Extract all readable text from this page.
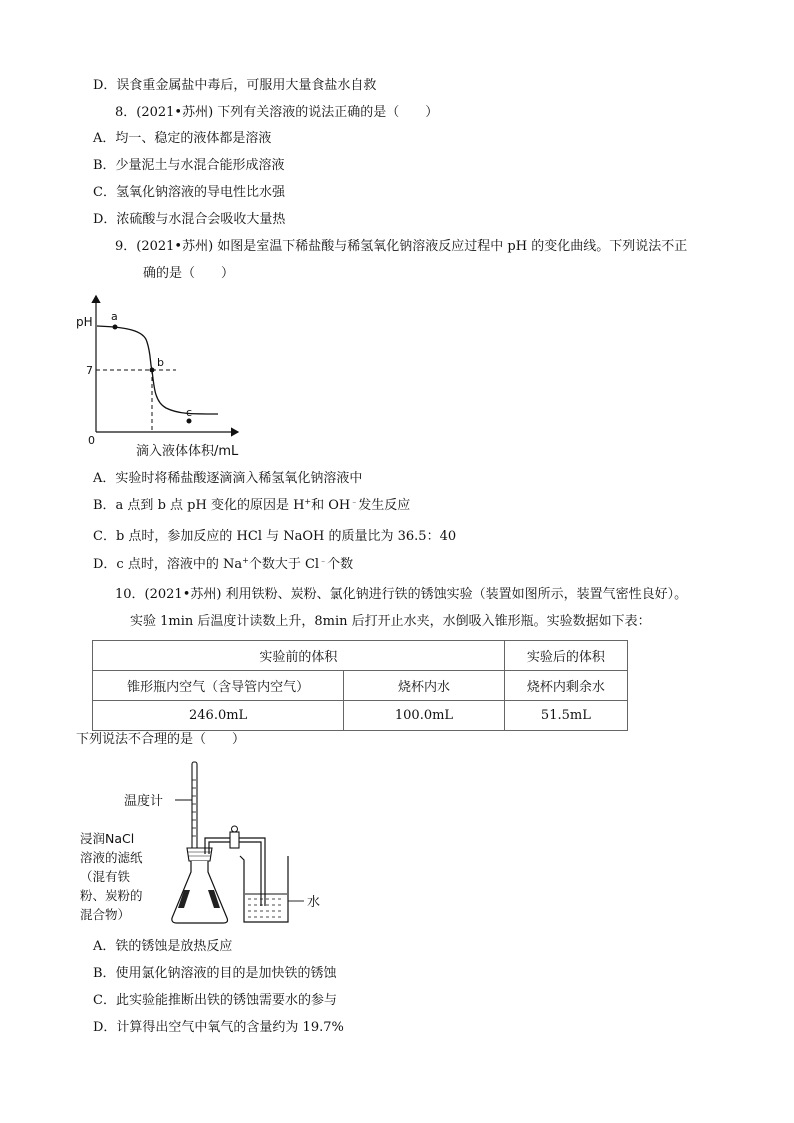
D．误食重金属盐中毒后，可服用大量食盐水自救
8．(2021•苏州) 下列有关溶液的说法正确的是（　　）
A．均一、稳定的液体都是溶液
B．少量泥土与水混合能形成溶液
C．氢氧化钠溶液的导电性比水强
D．浓硫酸与水混合会吸收大量热
9．(2021•苏州) 如图是室温下稀盐酸与稀氢氧化钠溶液反应过程中 pH 的变化曲线。下列说法不正
确的是（　　）
pH
7
0
a
b
c
滴入液体体积/mL
A．实验时将稀盐酸逐滴滴入稀氢氧化钠溶液中
B．a 点到 b 点 pH 变化的原因是 H+和 OH﹣发生反应
C．b 点时，参加反应的 HCl 与 NaOH 的质量比为 36.5：40
D．c 点时，溶液中的 Na+个数大于 Cl﹣个数
10．(2021•苏州) 利用铁粉、炭粉、氯化钠进行铁的锈蚀实验（装置如图所示，装置气密性良好）。
实验 1min 后温度计读数上升，8min 后打开止水夹，水倒吸入锥形瓶。实验数据如下表：
实验前的体积		实验后的体积
锥形瓶内空气（含导管内空气）	烧杯内水	烧杯内剩余水
246.0mL	100.0mL	51.5mL
下列说法不合理的是（　　）
温度计
浸润NaCl
溶液的滤纸
（混有铁
粉、炭粉的
混合物）
水
A．铁的锈蚀是放热反应
B．使用氯化钠溶液的目的是加快铁的锈蚀
C．此实验能推断出铁的锈蚀需要水的参与
D．计算得出空气中氧气的含量约为 19.7%
